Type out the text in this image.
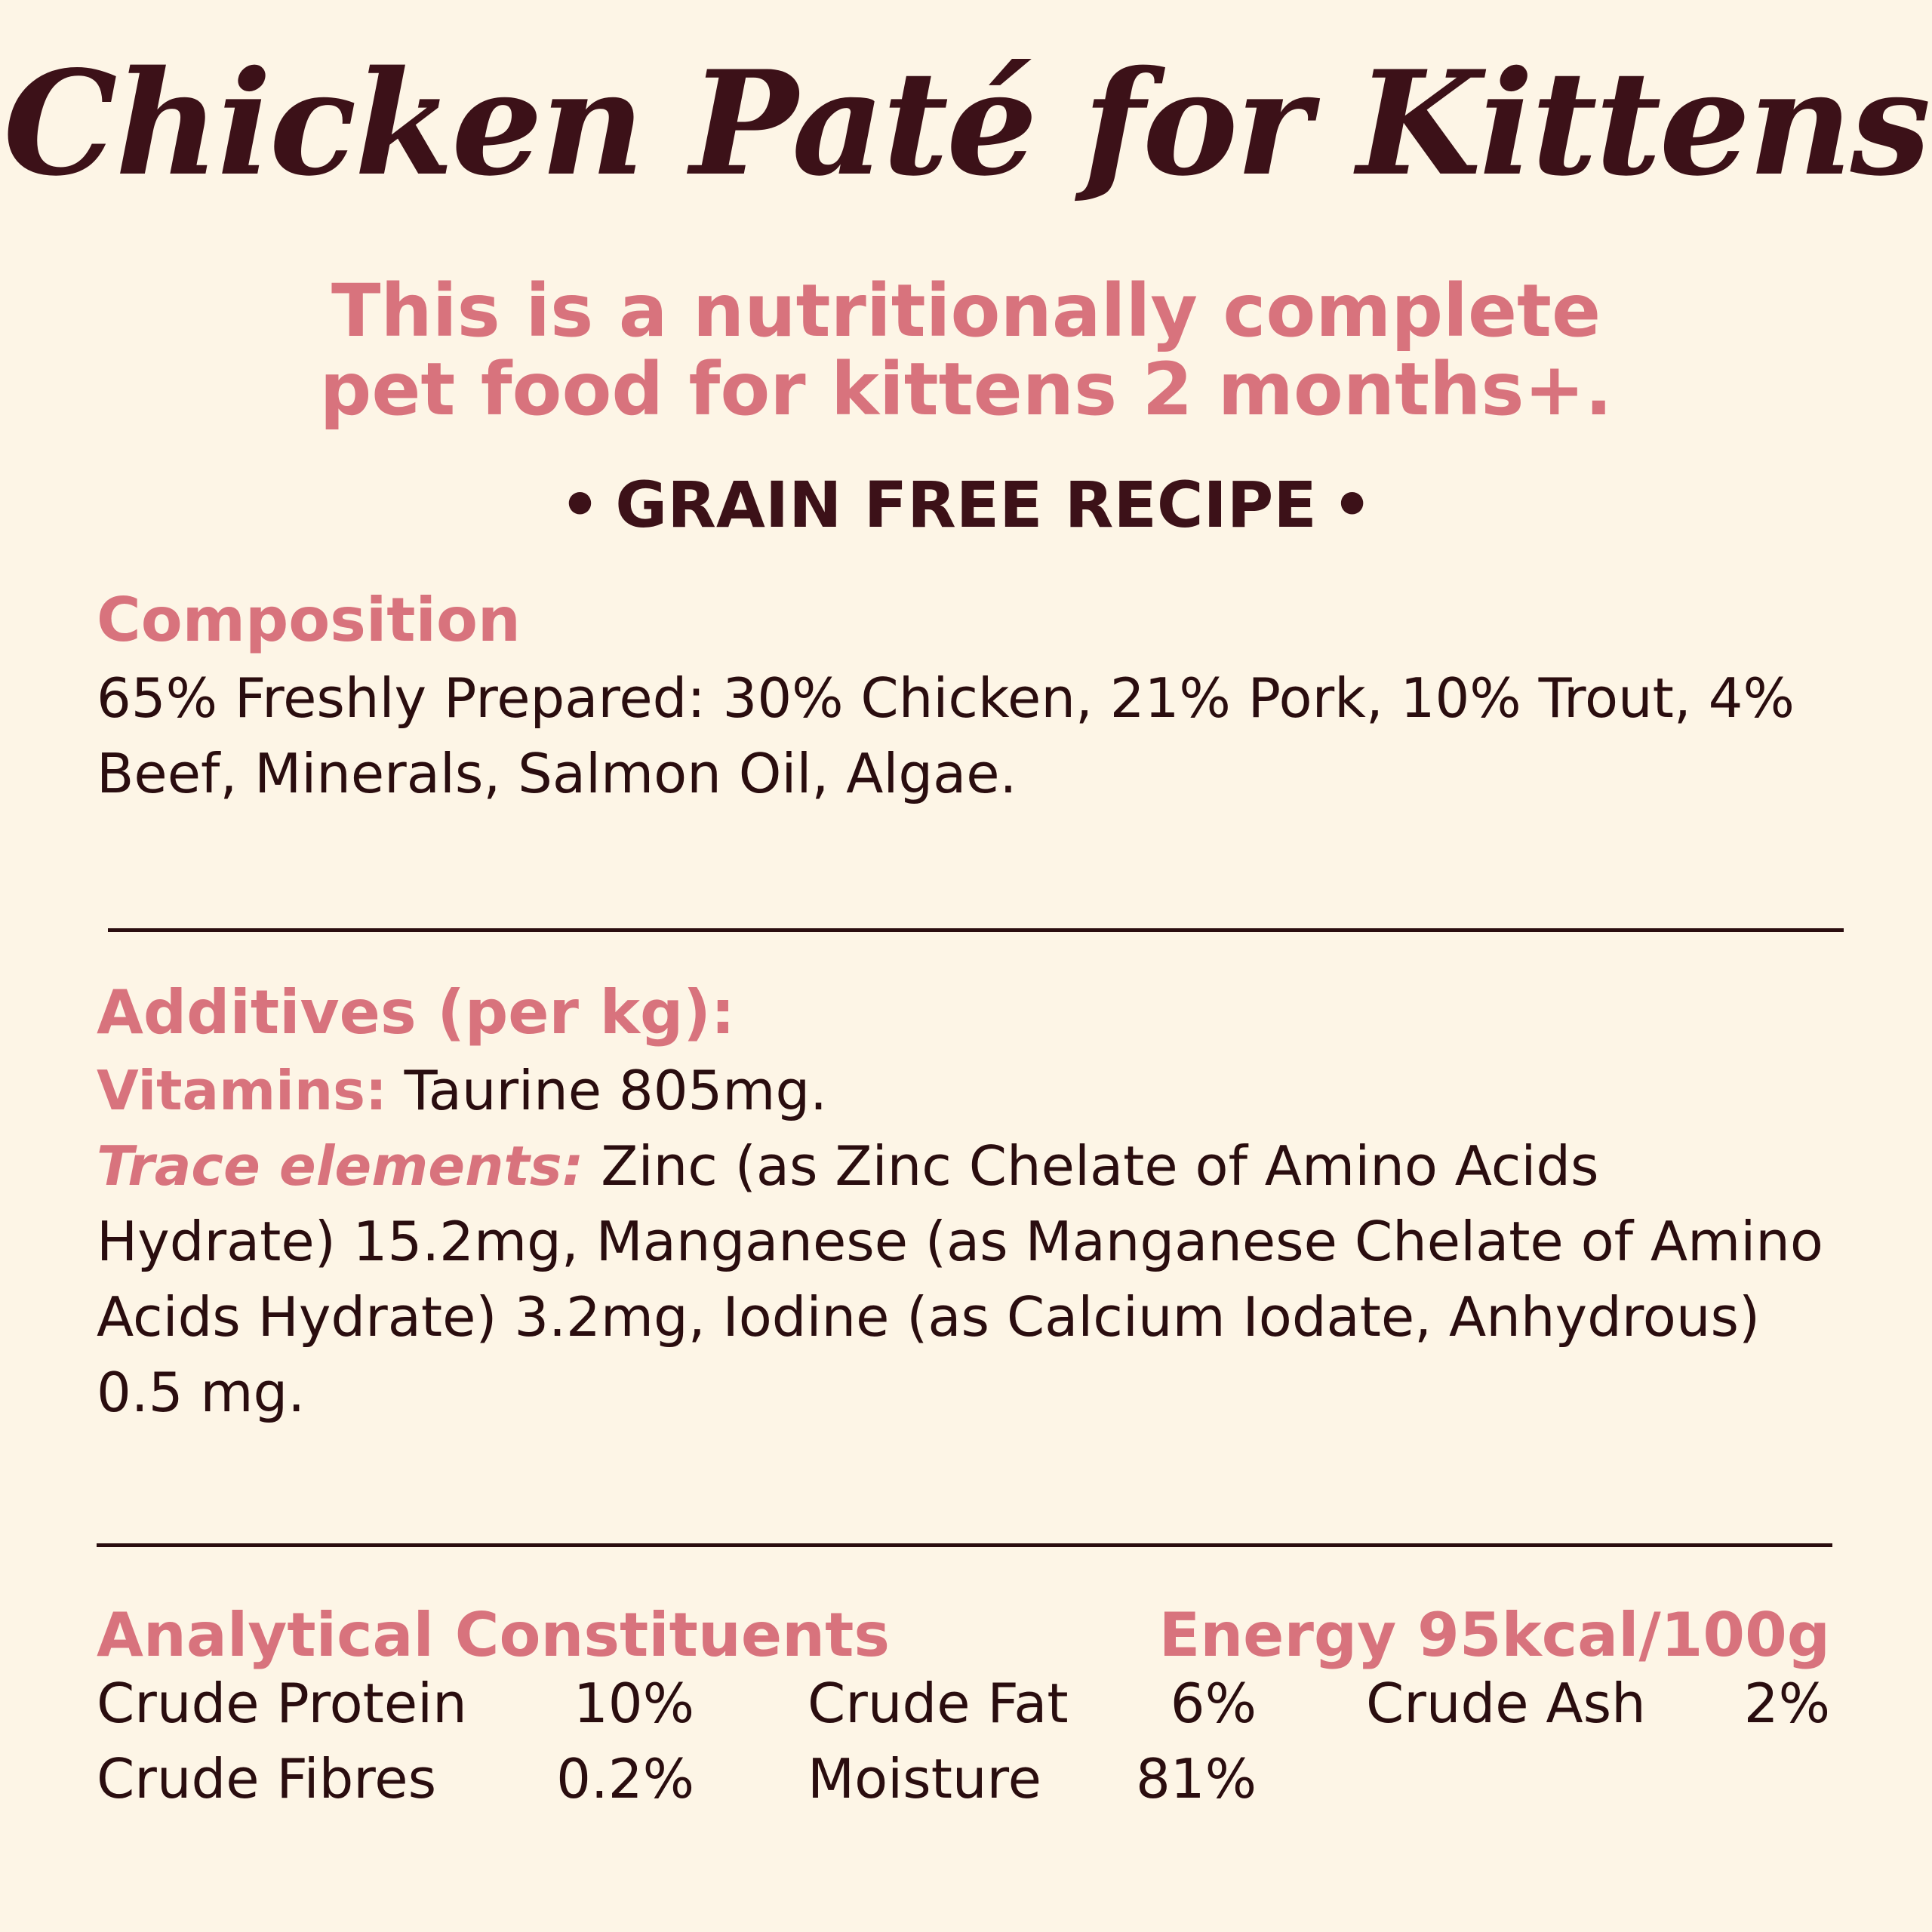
Chicken Paté for Kittens
This is a nutritionally complete
pet food for kittens 2 months+.
• GRAIN FREE RECIPE •
Composition
65% Freshly Prepared: 30% Chicken, 21% Pork, 10% Trout, 4% Beef, Minerals, Salmon Oil, Algae.
Additives (per kg):
Vitamins: Taurine 805mg.
Trace elements: Zinc (as Zinc Chelate of Amino Acids Hydrate) 15.2mg, Manganese (as Manganese Chelate of Amino Acids Hydrate) 3.2mg, Iodine (as Calcium Iodate, Anhydrous) 0.5 mg.
Analytical Constituents	Energy 95kcal/100g
Crude Protein	10% Crude Fat	6% Crude Ash	2%
Crude Fibres	0.2% Moisture	81%
